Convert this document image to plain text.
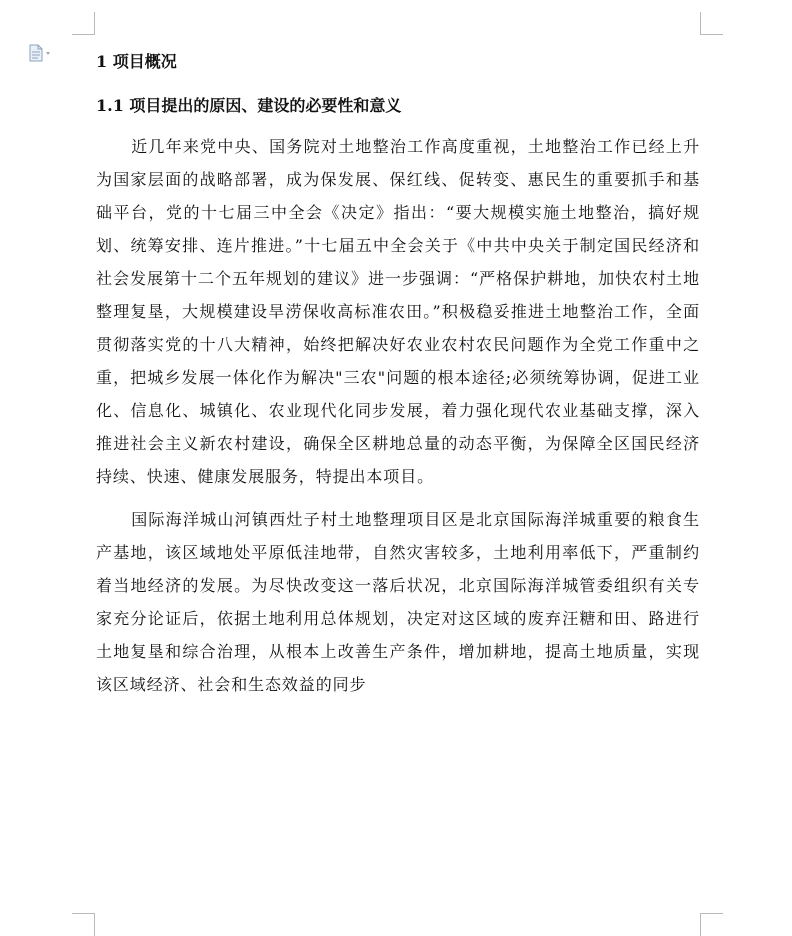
1 项目概况
1.1 项目提出的原因、建设的必要性和意义

近几年来党中央、国务院对土地整治工作高度重视，土地整治工作已经上升为国家层面的战略部署，成为保发展、保红线、促转变、惠民生的重要抓手和基础平台，党的十七届三中全会《决定》指出：“要大规模实施土地整治，搞好规划、统筹安排、连片推进。”十七届五中全会关于《中共中央关于制定国民经济和社会发展第十二个五年规划的建议》进一步强调：“严格保护耕地，加快农村土地整理复垦，大规模建设旱涝保收高标准农田。”积极稳妥推进土地整治工作，全面贯彻落实党的十八大精神，始终把解决好农业农村农民问题作为全党工作重中之重，把城乡发展一体化作为解决"三农"问题的根本途径;必须统筹协调，促进工业化、信息化、城镇化、农业现代化同步发展，着力强化现代农业基础支撑，深入推进社会主义新农村建设，确保全区耕地总量的动态平衡，为保障全区国民经济持续、快速、健康发展服务，特提出本项目。

国际海洋城山河镇西灶子村土地整理项目区是北京国际海洋城重要的粮食生产基地，该区域地处平原低洼地带，自然灾害较多，土地利用率低下，严重制约着当地经济的发展。为尽快改变这一落后状况，北京国际海洋城管委组织有关专家充分论证后，依据土地利用总体规划，决定对这区域的废弃汪糖和田、路进行土地复垦和综合治理，从根本上改善生产条件，增加耕地，提高土地质量，实现该区域经济、社会和生态效益的同步
